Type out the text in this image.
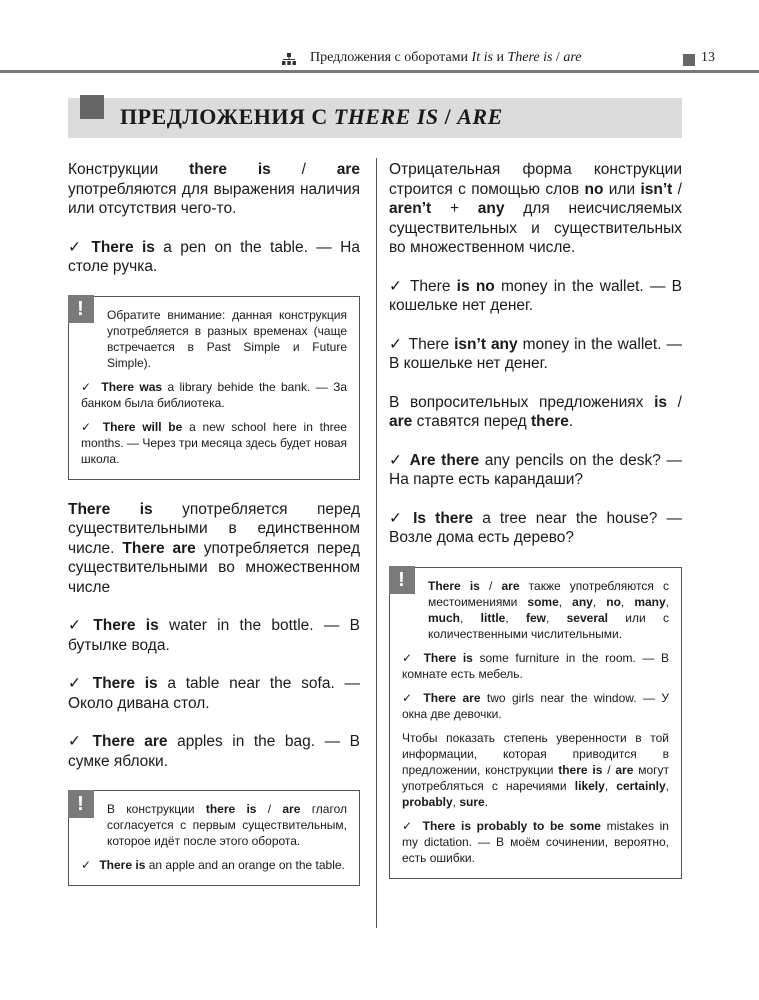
Предложения с оборотами It is и There is / are	13
ПРЕДЛОЖЕНИЯ С THERE IS / ARE
Конструкции there is / are употребляются для выражения наличия или отсутствия чего-то.
✓ There is a pen on the table. — На столе ручка.
!	Обратите внимание: данная конструкция употребляется в разных временах (чаще встречается в Past Simple и Future Simple).
✓ There was a library behide the bank. — За банком была библиотека.
✓ There will be a new school here in three months. — Через три месяца здесь будет новая школа.
There is употребляется перед существительными в единственном числе. There are употребляется перед существительными во множественном числе
✓ There is water in the bottle. — В бутылке вода.
✓ There is a table near the sofa. — Около дивана стол.
✓ There are apples in the bag. — В сумке яблоки.
!	В конструкции there is / are глагол согласуется с первым существительным, которое идёт после этого оборота.
✓ There is an apple and an orange on the table.
Отрицательная форма конструкции строится с помощью слов no или isn’t / aren’t + any для неисчисляемых существительных и существительных во множественном числе.
✓ There is no money in the wallet. — В кошельке нет денег.
✓ There isn’t any money in the wallet. — В кошельке нет денег.
В вопросительных предложениях is / are ставятся перед there.
✓ Are there any pencils on the desk? — На парте есть карандаши?
✓ Is there a tree near the house? — Возле дома есть дерево?
!	There is / are также употребляются с местоимениями some, any, no, many, much, little, few, several или с количественными числительными.
✓ There is some furniture in the room. — В комнате есть мебель.
✓ There are two girls near the window. — У окна две девочки.
Чтобы показать степень уверенности в той информации, которая приводится в предложении, конструкции there is / are могут употребляться с наречиями likely, certainly, probably, sure.
✓ There is probably to be some mistakes in my dictation. — В моём сочинении, вероятно, есть ошибки.
